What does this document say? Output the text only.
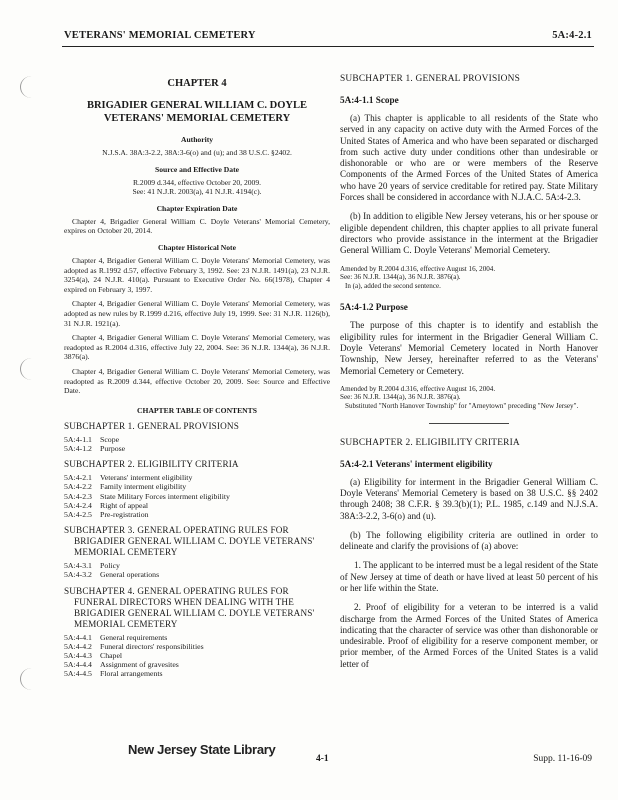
VETERANS' MEMORIAL CEMETERY	5A:4-2.1
CHAPTER 4
BRIGADIER GENERAL WILLIAM C. DOYLE
VETERANS' MEMORIAL CEMETERY
Authority

N.J.S.A. 38A:3-2.2, 38A:3-6(o) and (u); and 38 U.S.C. §2402.

Source and Effective Date

R.2009 d.344, effective October 20, 2009.

See: 41 N.J.R. 2003(a), 41 N.J.R. 4194(c).

Chapter Expiration Date

Chapter 4, Brigadier General William C. Doyle Veterans' Memorial Cemetery, expires on October 20, 2014.

Chapter Historical Note

Chapter 4, Brigadier General William C. Doyle Veterans' Memorial Cemetery, was adopted as R.1992 d.57, effective February 3, 1992. See: 23 N.J.R. 1491(a), 23 N.J.R. 3254(a), 24 N.J.R. 410(a). Pursuant to Executive Order No. 66(1978), Chapter 4 expired on February 3, 1997.

Chapter 4, Brigadier General William C. Doyle Veterans' Memorial Cemetery, was adopted as new rules by R.1999 d.216, effective July 19, 1999. See: 31 N.J.R. 1126(b), 31 N.J.R. 1921(a).

Chapter 4, Brigadier General William C. Doyle Veterans' Memorial Cemetery, was readopted as R.2004 d.316, effective July 22, 2004. See: 36 N.J.R. 1344(a), 36 N.J.R. 3876(a).

Chapter 4, Brigadier General William C. Doyle Veterans' Memorial Cemetery, was readopted as R.2009 d.344, effective October 20, 2009. See: Source and Effective Date.

CHAPTER TABLE OF CONTENTS
SUBCHAPTER 1. GENERAL PROVISIONS
5A:4-1.1	Scope
5A:4-1.2	Purpose
SUBCHAPTER 2. ELIGIBILITY CRITERIA
5A:4-2.1	Veterans' interment eligibility
5A:4-2.2	Family interment eligibility
5A:4-2.3	State Military Forces interment eligibility
5A:4-2.4	Right of appeal
5A:4-2.5	Pre-registration
SUBCHAPTER 3. GENERAL OPERATING RULES FOR BRIGADIER GENERAL WILLIAM C. DOYLE VETERANS' MEMORIAL CEMETERY
5A:4-3.1	Policy
5A:4-3.2	General operations
SUBCHAPTER 4. GENERAL OPERATING RULES FOR FUNERAL DIRECTORS WHEN DEALING WITH THE BRIGADIER GENERAL WILLIAM C. DOYLE VETERANS' MEMORIAL CEMETERY
5A:4-4.1	General requirements
5A:4-4.2	Funeral directors' responsibilities
5A:4-4.3	Chapel
5A:4-4.4	Assignment of gravesites
5A:4-4.5	Floral arrangements
SUBCHAPTER 1. GENERAL PROVISIONS
5A:4-1.1 Scope

(a) This chapter is applicable to all residents of the State who served in any capacity on active duty with the Armed Forces of the United States of America and who have been separated or discharged from such active duty under conditions other than undesirable or dishonorable or who are or were members of the Reserve Components of the Armed Forces of the United States of America who have 20 years of service creditable for retired pay. State Military Forces shall be considered in accordance with N.J.A.C. 5A:4-2.3.

(b) In addition to eligible New Jersey veterans, his or her spouse or eligible dependent children, this chapter applies to all private funeral directors who provide assistance in the interment at the Brigadier General William C. Doyle Veterans' Memorial Cemetery.

Amended by R.2004 d.316, effective August 16, 2004.

See: 36 N.J.R. 1344(a), 36 N.J.R. 3876(a).

In (a), added the second sentence.

5A:4-1.2 Purpose

The purpose of this chapter is to identify and establish the eligibility rules for interment in the Brigadier General William C. Doyle Veterans' Memorial Cemetery located in North Hanover Township, New Jersey, hereinafter referred to as the Veterans' Memorial Cemetery or Cemetery.

Amended by R.2004 d.316, effective August 16, 2004.

See: 36 N.J.R. 1344(a), 36 N.J.R. 3876(a).

Substituted "North Hanover Township" for "Arneytown" preceding "New Jersey".

SUBCHAPTER 2. ELIGIBILITY CRITERIA
5A:4-2.1 Veterans' interment eligibility

(a) Eligibility for interment in the Brigadier General William C. Doyle Veterans' Memorial Cemetery is based on 38 U.S.C. §§ 2402 through 2408; 38 C.F.R. § 39.3(b)(1); P.L. 1985, c.149 and N.J.S.A. 38A:3-2.2, 3-6(o) and (u).

(b) The following eligibility criteria are outlined in order to delineate and clarify the provisions of (a) above:

1. The applicant to be interred must be a legal resident of the State of New Jersey at time of death or have lived at least 50 percent of his or her life within the State.

2. Proof of eligibility for a veteran to be interred is a valid discharge from the Armed Forces of the United States of America indicating that the character of service was other than dishonorable or undesirable. Proof of eligibility for a reserve component member, or prior member, of the Armed Forces of the United States is a valid letter of

New Jersey State Library
4-1	Supp. 11-16-09
